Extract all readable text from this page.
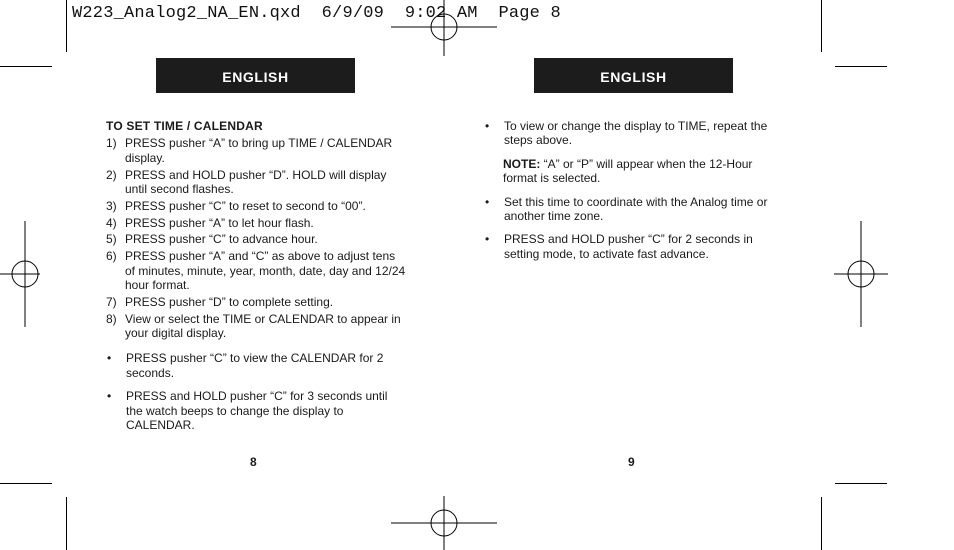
W223_Analog2_NA_EN.qxd  6/9/09  9:02 AM  Page 8
ENGLISH
TO SET TIME / CALENDAR
1) PRESS pusher “A” to bring up TIME / CALENDAR display.
2) PRESS and HOLD pusher “D”. HOLD will display until second flashes.
3) PRESS pusher “C” to reset to second to “00”.
4) PRESS pusher “A” to let hour flash.
5) PRESS pusher “C” to advance hour.
6) PRESS pusher “A” and “C” as above to adjust tens of minutes, minute, year, month, date, day and 12/24 hour format.
7) PRESS pusher “D” to complete setting.
8) View or select the TIME or CALENDAR to appear in your digital display.
•	PRESS pusher “C” to view the CALENDAR for 2 seconds.
•	PRESS and HOLD pusher “C” for 3 seconds until the watch beeps to change the display to CALENDAR.
8
ENGLISH
•	To view or change the display to TIME, repeat the steps above.
NOTE: “A” or “P” will appear when the 12-Hour format is selected.
•	Set this time to coordinate with the Analog time or another time zone.
•	PRESS and HOLD pusher “C” for 2 seconds in setting mode, to activate fast advance.
9
